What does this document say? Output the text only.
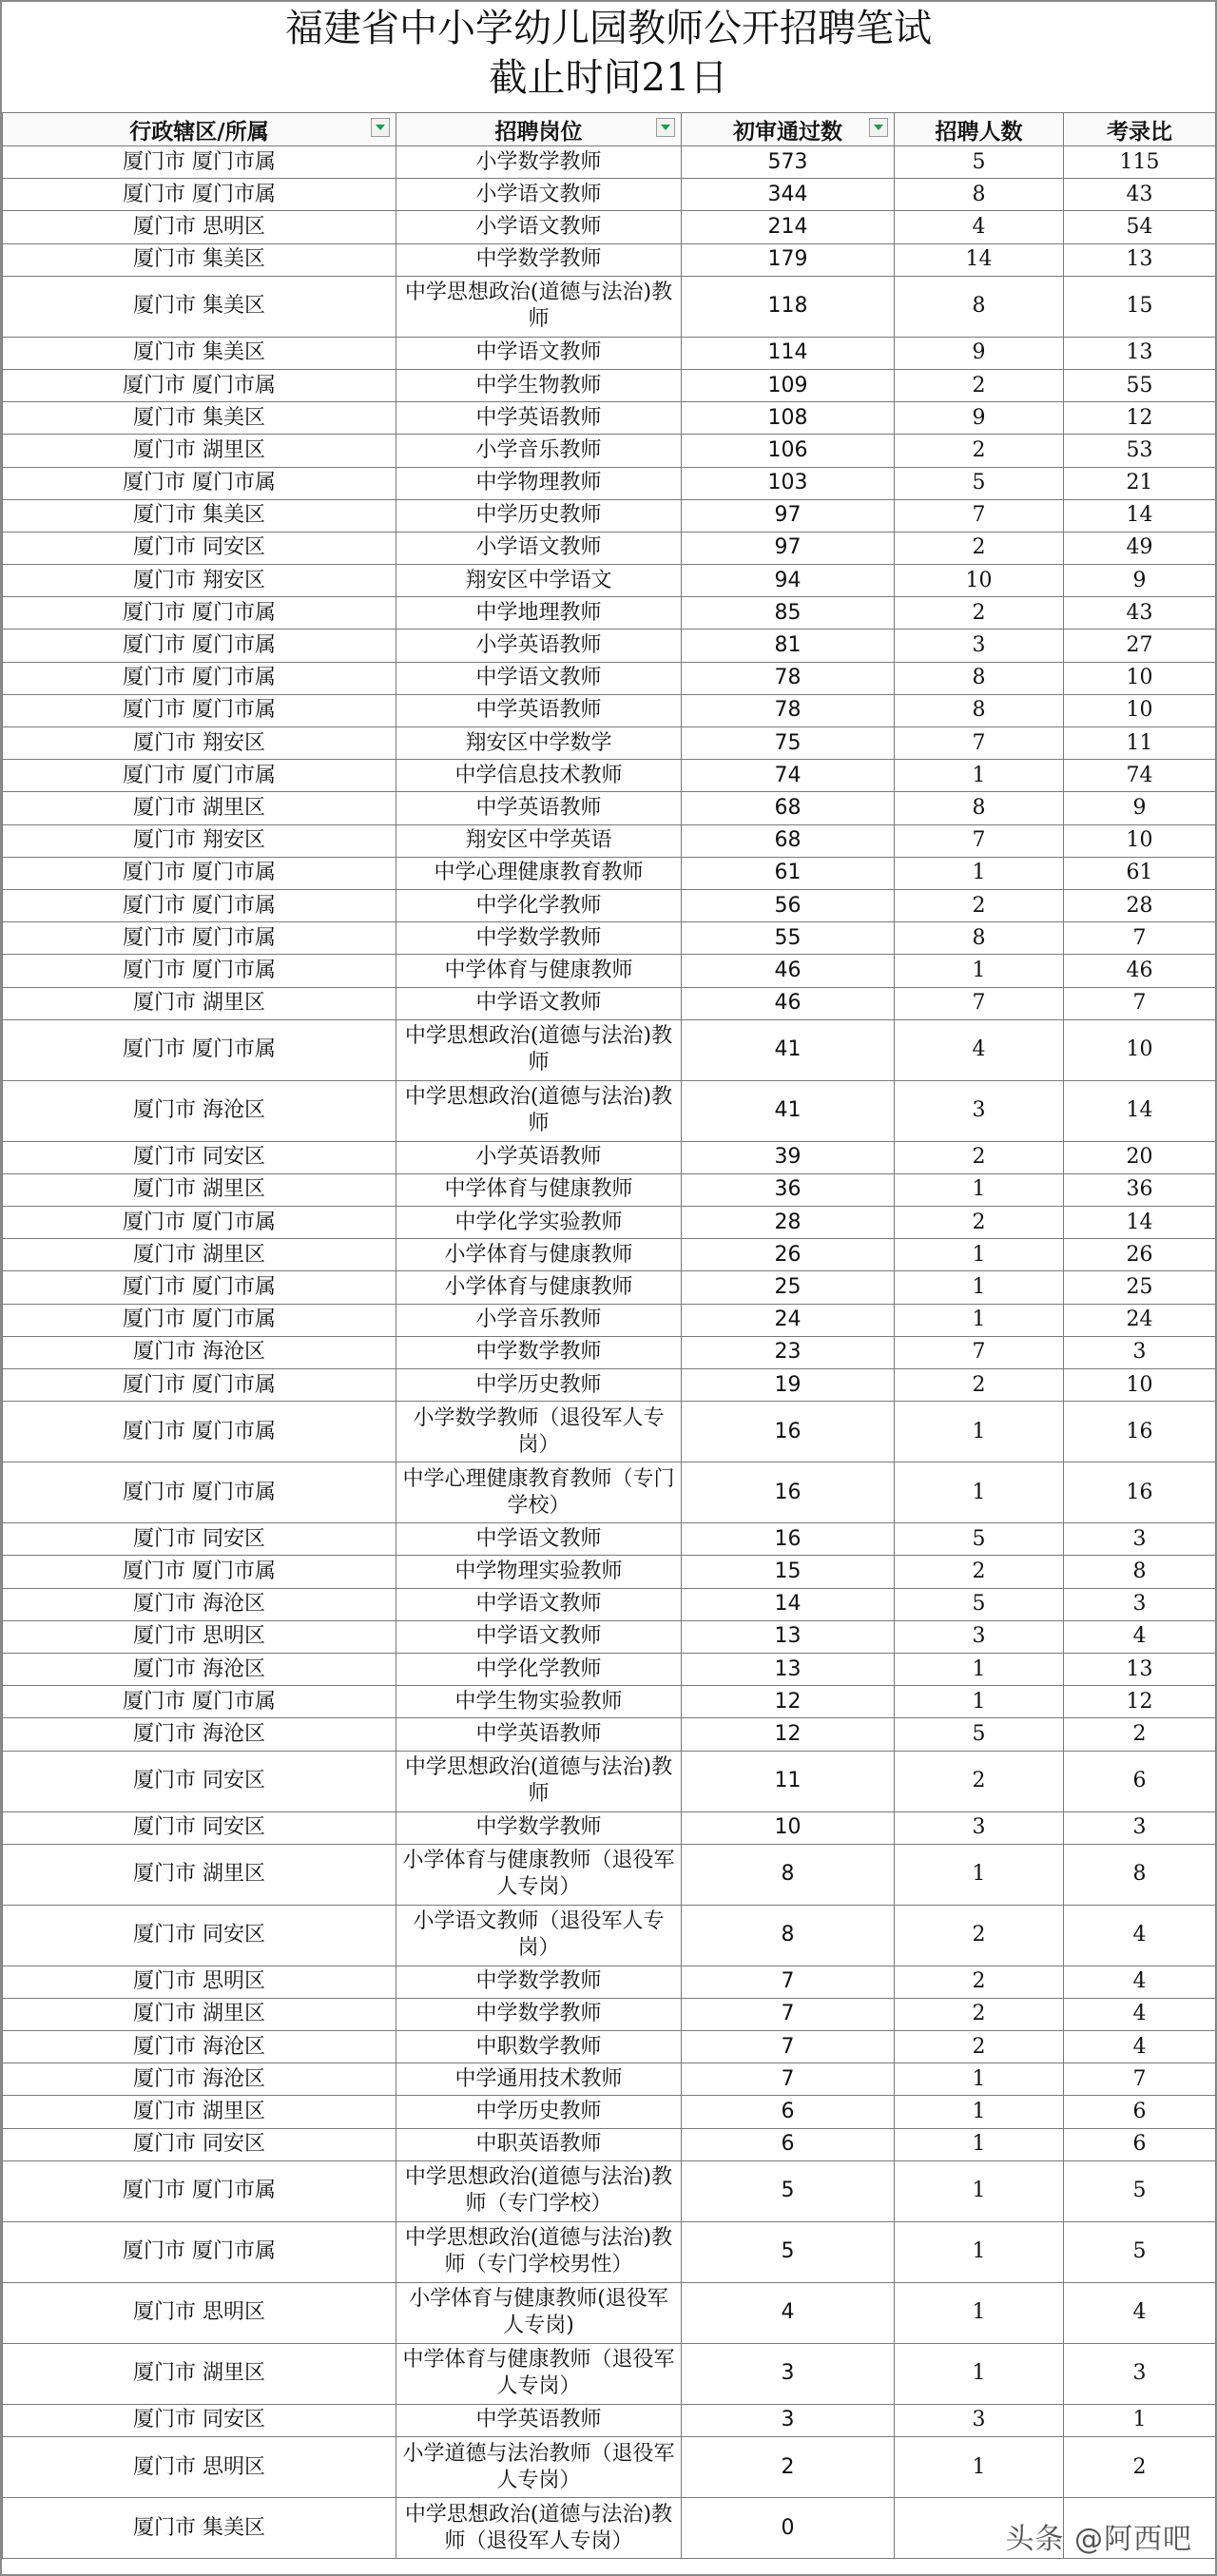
福建省中小学幼儿园教师公开招聘笔试
截止时间21日
行政辖区/所属	招聘岗位	初审通过数	招聘人数	考录比
厦门市 厦门市属	小学数学教师	573	5	115
厦门市 厦门市属	小学语文教师	344	8	43
厦门市 思明区	小学语文教师	214	4	54
厦门市 集美区	中学数学教师	179	14	13
厦门市 集美区	中学思想政治(道德与法治)教师	118	8	15
厦门市 集美区	中学语文教师	114	9	13
厦门市 厦门市属	中学生物教师	109	2	55
厦门市 集美区	中学英语教师	108	9	12
厦门市 湖里区	小学音乐教师	106	2	53
厦门市 厦门市属	中学物理教师	103	5	21
厦门市 集美区	中学历史教师	97	7	14
厦门市 同安区	小学语文教师	97	2	49
厦门市 翔安区	翔安区中学语文	94	10	9
厦门市 厦门市属	中学地理教师	85	2	43
厦门市 厦门市属	小学英语教师	81	3	27
厦门市 厦门市属	中学语文教师	78	8	10
厦门市 厦门市属	中学英语教师	78	8	10
厦门市 翔安区	翔安区中学数学	75	7	11
厦门市 厦门市属	中学信息技术教师	74	1	74
厦门市 湖里区	中学英语教师	68	8	9
厦门市 翔安区	翔安区中学英语	68	7	10
厦门市 厦门市属	中学心理健康教育教师	61	1	61
厦门市 厦门市属	中学化学教师	56	2	28
厦门市 厦门市属	中学数学教师	55	8	7
厦门市 厦门市属	中学体育与健康教师	46	1	46
厦门市 湖里区	中学语文教师	46	7	7
厦门市 厦门市属	中学思想政治(道德与法治)教师	41	4	10
厦门市 海沧区	中学思想政治(道德与法治)教师	41	3	14
厦门市 同安区	小学英语教师	39	2	20
厦门市 湖里区	中学体育与健康教师	36	1	36
厦门市 厦门市属	中学化学实验教师	28	2	14
厦门市 湖里区	小学体育与健康教师	26	1	26
厦门市 厦门市属	小学体育与健康教师	25	1	25
厦门市 厦门市属	小学音乐教师	24	1	24
厦门市 海沧区	中学数学教师	23	7	3
厦门市 厦门市属	中学历史教师	19	2	10
厦门市 厦门市属	小学数学教师（退役军人专岗）	16	1	16
厦门市 厦门市属	中学心理健康教育教师（专门学校）	16	1	16
厦门市 同安区	中学语文教师	16	5	3
厦门市 厦门市属	中学物理实验教师	15	2	8
厦门市 海沧区	中学语文教师	14	5	3
厦门市 思明区	中学语文教师	13	3	4
厦门市 海沧区	中学化学教师	13	1	13
厦门市 厦门市属	中学生物实验教师	12	1	12
厦门市 海沧区	中学英语教师	12	5	2
厦门市 同安区	中学思想政治(道德与法治)教师	11	2	6
厦门市 同安区	中学数学教师	10	3	3
厦门市 湖里区	小学体育与健康教师（退役军人专岗）	8	1	8
厦门市 同安区	小学语文教师（退役军人专岗）	8	2	4
厦门市 思明区	中学数学教师	7	2	4
厦门市 湖里区	中学数学教师	7	2	4
厦门市 海沧区	中职数学教师	7	2	4
厦门市 海沧区	中学通用技术教师	7	1	7
厦门市 湖里区	中学历史教师	6	1	6
厦门市 同安区	中职英语教师	6	1	6
厦门市 厦门市属	中学思想政治(道德与法治)教师（专门学校）	5	1	5
厦门市 厦门市属	中学思想政治(道德与法治)教师（专门学校男性）	5	1	5
厦门市 思明区	小学体育与健康教师(退役军人专岗)	4	1	4
厦门市 湖里区	中学体育与健康教师（退役军人专岗）	3	1	3
厦门市 同安区	中学英语教师	3	3	1
厦门市 思明区	小学道德与法治教师（退役军人专岗）	2	1	2
厦门市 集美区	中学思想政治(道德与法治)教师（退役军人专岗）	0			头条 @阿西吧
